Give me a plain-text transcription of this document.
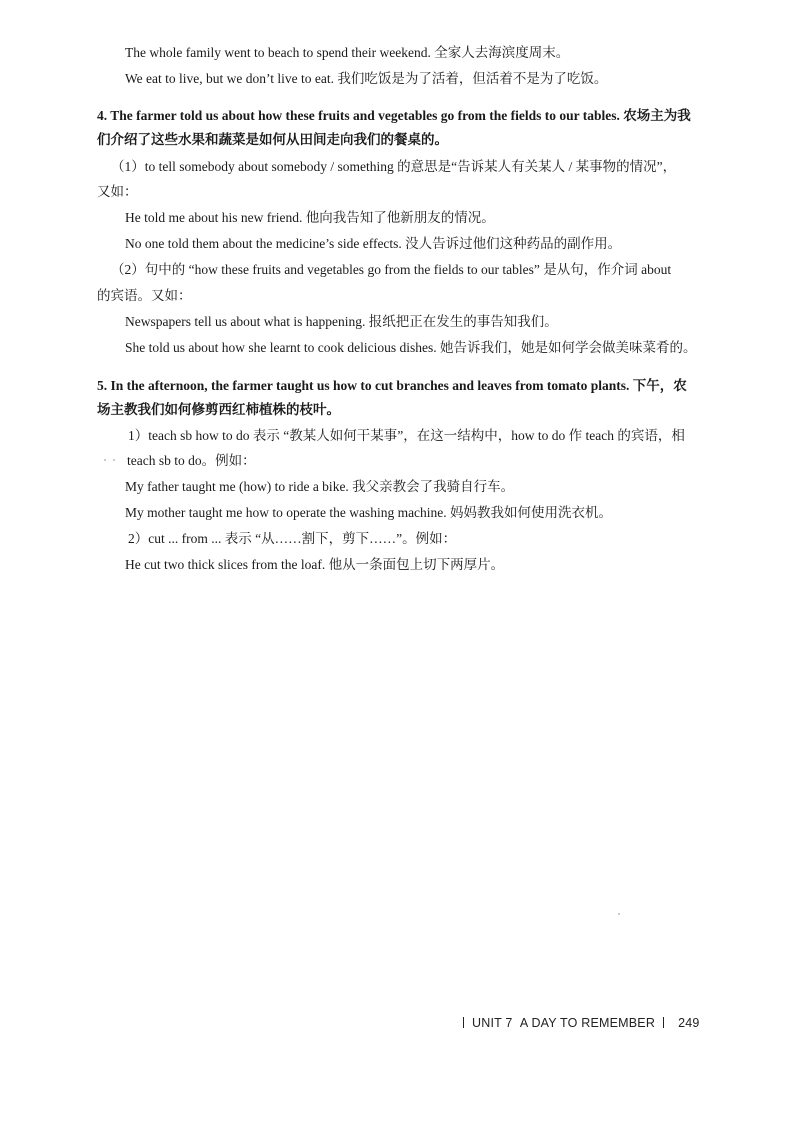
The whole family went to beach to spend their weekend. 全家人去海滨度周末。
We eat to live, but we don’t live to eat. 我们吃饭是为了活着，但活着不是为了吃饭。
4. The farmer told us about how these fruits and vegetables go from the fields to our tables. 农场主为我
们介绍了这些水果和蔬菜是如何从田间走向我们的餐桌的。
（1）to tell somebody about somebody / something 的意思是“告诉某人有关某人 / 某事物的情况”，
又如：
He told me about his new friend. 他向我告知了他新朋友的情况。
No one told them about the medicine’s side effects. 没人告诉过他们这种药品的副作用。
（2）句中的 “how these fruits and vegetables go from the fields to our tables” 是从句，作介词 about
的宾语。又如：
Newspapers tell us about what is happening. 报纸把正在发生的事告知我们。
She told us about how she learnt to cook delicious dishes. 她告诉我们，她是如何学会做美味菜肴的。
5. In the afternoon, the farmer taught us how to cut branches and leaves from tomato plants. 下午，农
场主教我们如何修剪西红柿植株的枝叶。
1）teach sb how to do 表示 “教某人如何干某事”，在这一结构中，how to do 作 teach 的宾语，相
teach sb to do。例如：
My father taught me (how) to ride a bike. 我父亲教会了我骑自行车。
My mother taught me how to operate the washing machine. 妈妈教我如何使用洗衣机。
2）cut ... from ... 表示 “从……割下，剪下……”。例如：
He cut two thick slices from the loaf. 他从一条面包上切下两厚片。
UNIT 7 A DAY TO REMEMBER 249
